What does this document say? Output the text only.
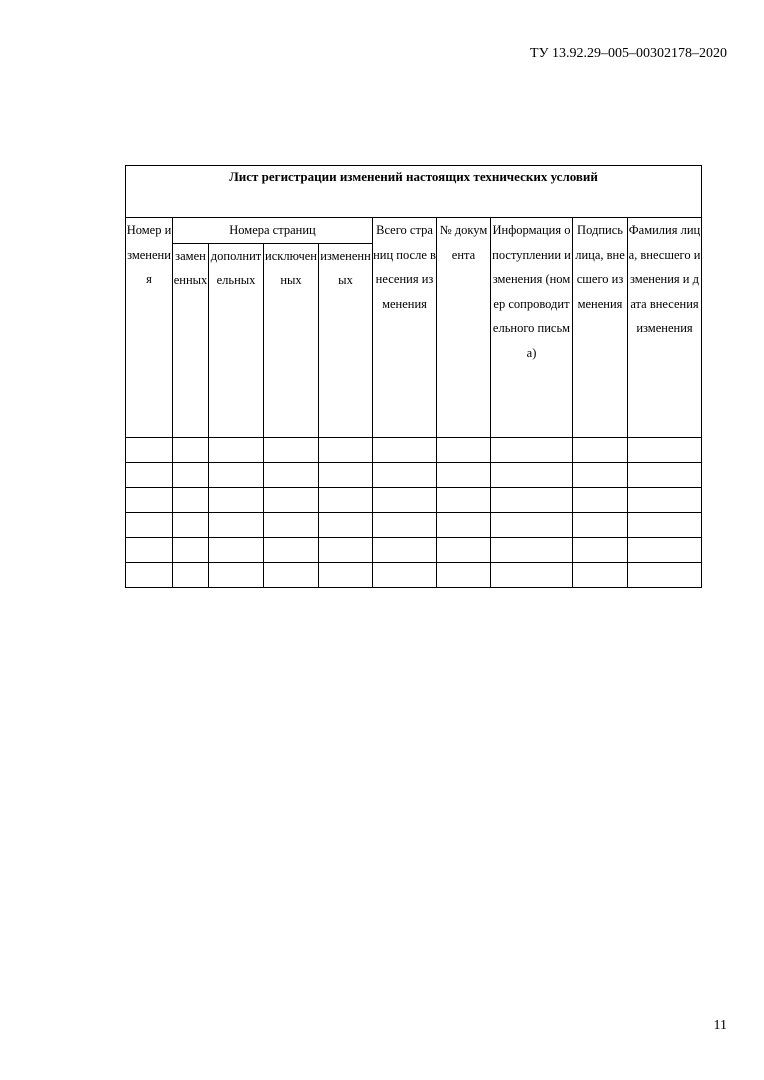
ТУ 13.92.29–005–00302178–2020
Лист регистрации изменений настоящих технических условий									
Номер изменения	Номера страниц				Всего страниц после внесения изменения	№ документа	Информация о поступлении изменения (номер сопроводительного письма)	Подпись лица, внесшего изменения	Фамилия лица, внесшего изменения и дата внесения изменения
	замененных	дополнительных	исключенных	измененных					

11
